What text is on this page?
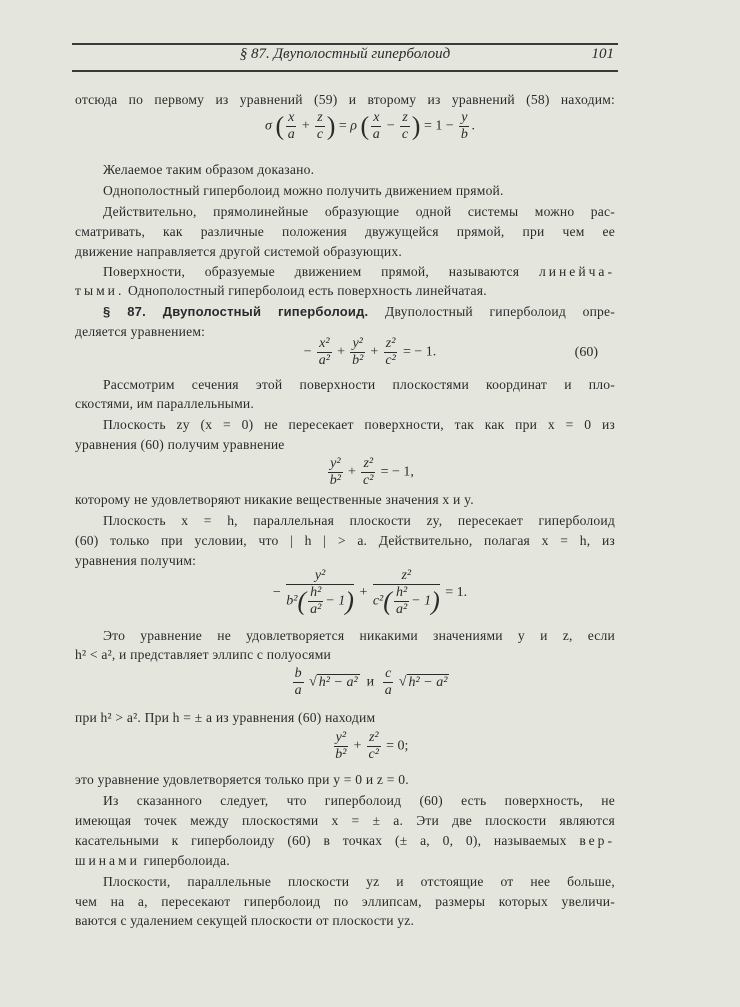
§ 87. Двуполостный гиперболоид	101
отсюда по первому из уравнений (59) и второму из уравнений (58) находим:
σ ( $\frac{x}{a} + \frac{z}{c}$ ) = ρ ( $\frac{x}{a} - \frac{z}{c}$ ) = $1 - \frac{y}{b}$ .
Желаемое таким образом доказано.
Однополостный гиперболоид можно получить движением прямой.
Действительно, прямолинейные образующие одной системы можно рас-
сматривать, как различные положения двужущейся прямой, при чем ее
движение направляется другой системой образующих.
Поверхности, образуемые движением прямой, называются линейча-
тыми. Однополостный гиперболоид есть поверхность линейчатая.
§ 87. Двуполостный гиперболоид. Двуполостный гиперболоид опре-
деляется уравнением:
− $\frac{\text{x²}}{\text{a²}} + \frac{\text{y²}}{\text{b²}} + \frac{\text{z²}}{\text{c²}}$ = − 1.	(60)
Рассмотрим сечения этой поверхности плоскостями координат и пло-
скостями, им параллельными.
Плоскость zy (x = 0) не пересекает поверхности, так как при x = 0 из
уравнения (60) получим уравнение
$\frac{\text{y²}}{\text{b²}} + \frac{\text{z²}}{\text{c²}}$ = − 1,
которому не удовлетворяют никакие вещественные значения x и y.
Плоскость x = h, параллельная плоскости zy, пересекает гиперболоид
(60) только при условии, что | h | > a. Действительно, полагая x = h, из
уравнения получим:
− $\frac{\text{y²}}{b^2( \frac{\text{h²}}{\text{a²}} - 1)} + \frac{\text{z²}}{c^2( \frac{\text{h²}}{\text{a²}} - 1)} = 1$.
Это уравнение не удовлетворяется никакими значениями y и z, если
h² < a², и представляет эллипс с полуосями
$\frac{b}{a}$ √ h² − a² и $\frac{c}{a}$ √ h² − a²
при h² > a². При h = ± a из уравнения (60) находим
$\frac{\text{y²}}{\text{b²}} + \frac{\text{z²}}{\text{c²}} = 0$;
это уравнение удовлетворяется только при y = 0 и z = 0.
Из сказанного следует, что гиперболоид (60) есть поверхность, не
имеющая точек между плоскостями x = ± a. Эти две плоскости являются
касательными к гиперболоиду (60) в точках (± a, 0, 0), называемых вер-
шинами гиперболоида.
Плоскости, параллельные плоскости yz и отстоящие от нее больше,
чем на a, пересекают гиперболоид по эллипсам, размеры которых увеличи-
ваются с удалением секущей плоскости от плоскости yz.
